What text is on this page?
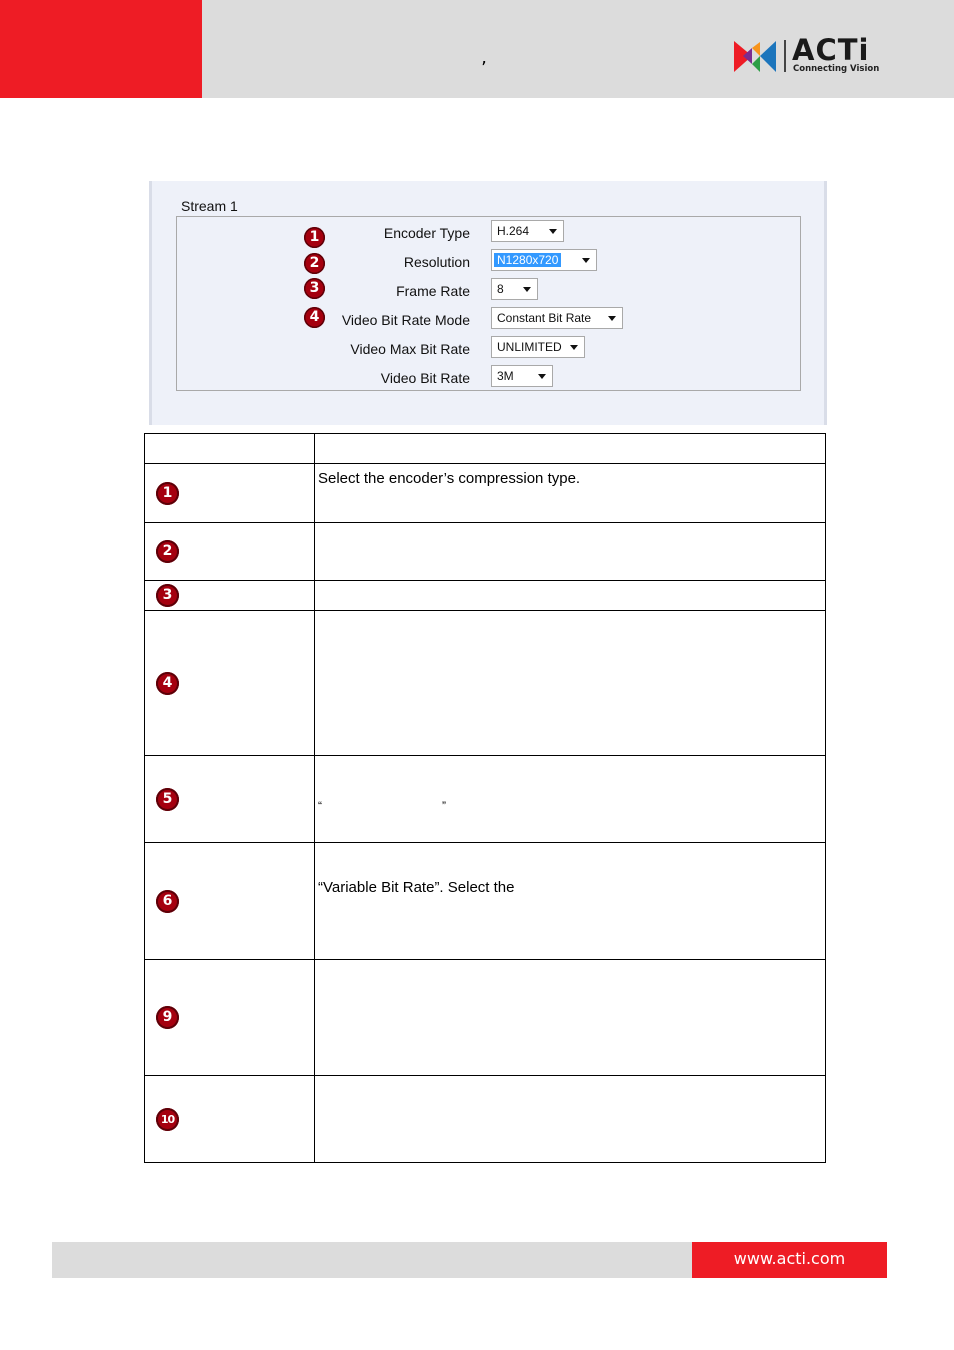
’
ACTi
Connecting Vision
Stream 1
1	Encoder Type	H.264
2	Resolution	N1280x720
3	Frame Rate	8
4	Video Bit Rate Mode	Constant Bit Rate
Video Max Bit Rate	UNLIMITED
Video Bit Rate	3M

1	Select the encoder’s compression type.
2	
3	
4	
5	“ ”

6	“Variable Bit Rate”. Select the
9	
10	
www.acti.com
